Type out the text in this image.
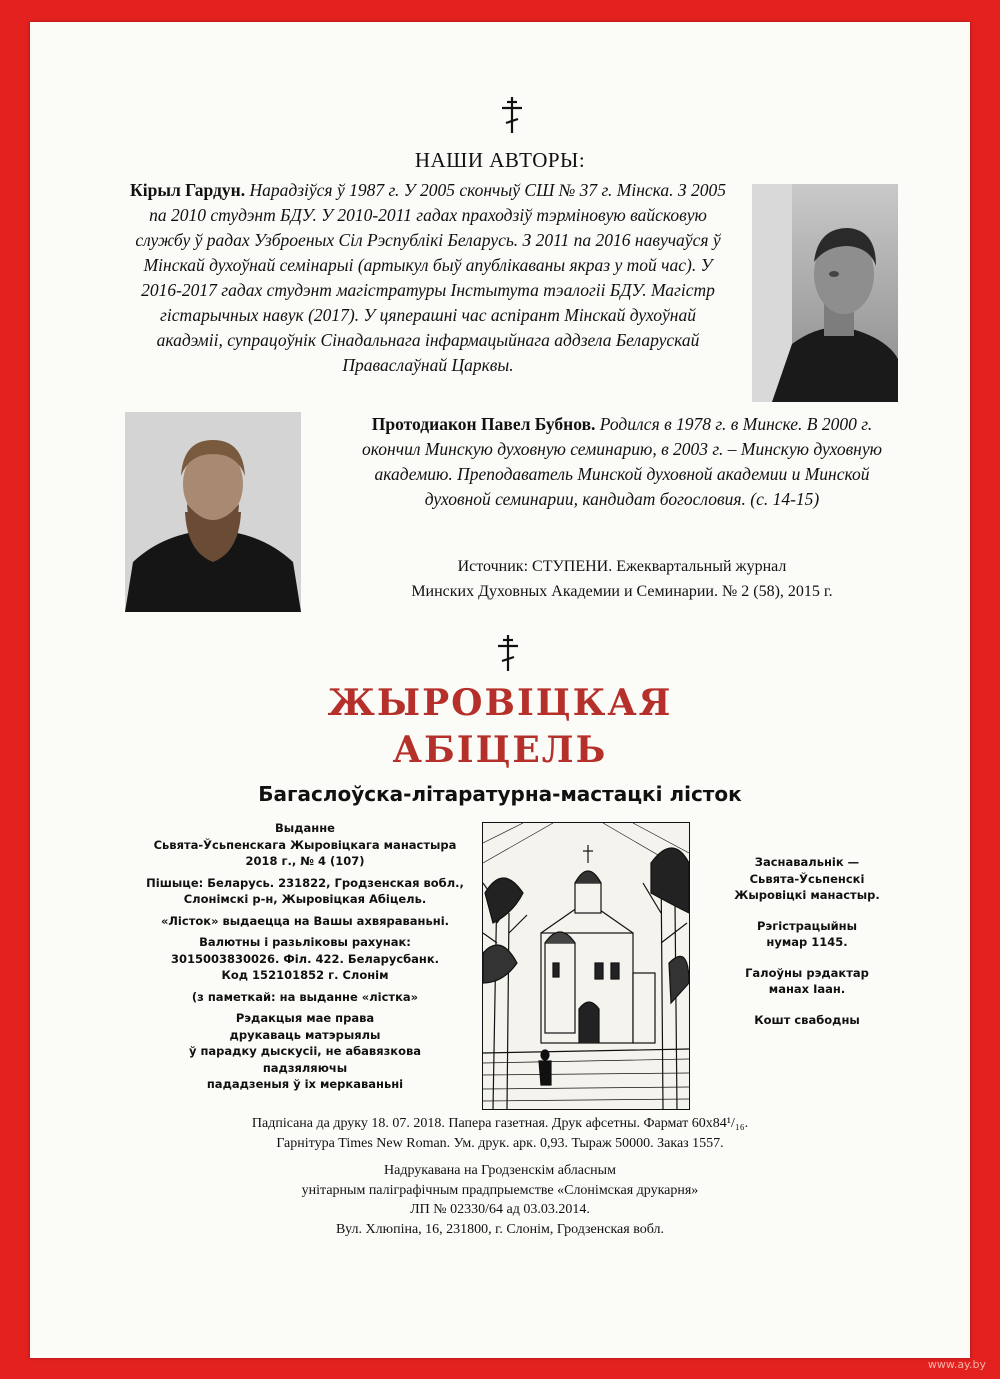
НАШИ АВТОРЫ:
Кірыл Гардун. Нарадзіўся ў 1987 г. У 2005 скончыў СШ № 37 г. Мінска. З 2005 па 2010 студэнт БДУ. У 2010-2011 гадах праходзіў тэрміновую вайсковую службу ў радах Узброеных Сіл Рэспублікі Беларусь. З 2011 па 2016 навучаўся ў Мінскай духоўнай семінарыі (артыкул быў апублікаваны якраз у той час). У 2016-2017 гадах студэнт магістратуры Інстытута тэалогіі БДУ. Магістр гістарычных навук (2017). У цяперашні час аспірант Мінскай духоўнай акадэміі, супрацоўнік Сінадальнага інфармацыйнага аддзела Беларускай Праваслаўнай Царквы.
Протодиакон Павел Бубнов. Родился в 1978 г. в Минске. В 2000 г. окончил Минскую духовную семинарию, в 2003 г. – Минскую духовную академию. Преподаватель Минской духовной академии и Минской духовной семинарии, кандидат богословия. (с. 14-15)
Источник: СТУПЕНИ. Ежеквартальный журнал
Минских Духовных Академии и Семинарии. № 2 (58), 2015 г.
ЖЫРОВІЦКАЯ
АБІЦЕЛЬ
Багаслоўска-літаратурна-мастацкі лісток

Выданне
Сьвята-Ўсьпенскага Жыровіцкага манастыра
2018 г., № 4 (107)

Пішыце: Беларусь. 231822, Гродзенская вобл.,
Слонімскі р-н, Жыровіцкая Абіцель.

«Лісток» выдаецца на Вашы ахвяраваньні.

Валютны і разьліковы рахунак:
3015003830026. Філ. 422. Беларусбанк.
Код 152101852 г. Слонім

(з паметкай: на выданне «лістка»

Рэдакцыя мае права
друкаваць матэрыялы
ў парадку дыскусіі, не абавязкова
падзяляючы
пададзеныя ў іх меркаваньні

Заснавальнік —
Сьвята-Ўсьпенскі
Жыровіцкі манастыр.

Рэгістрацыйны
нумар 1145.

Галоўны рэдактар
манах Іаан.

Кошт свабодны

Падпісана да друку 18. 07. 2018. Папера газетная. Друк афсетны. Фармат 60х84¹/₁₆.
Гарнітура Times New Roman. Ум. друк. арк. 0,93. Тыраж 50000. Заказ 1557.

Надрукавана на Гродзенскім абласным
унітарным паліграфічным прадпрыемстве «Слонімская друкарня»
ЛП № 02330/64 ад 03.03.2014.
Вул. Хлюпіна, 16, 231800, г. Слонім, Гродзенская вобл.

www.ay.by
